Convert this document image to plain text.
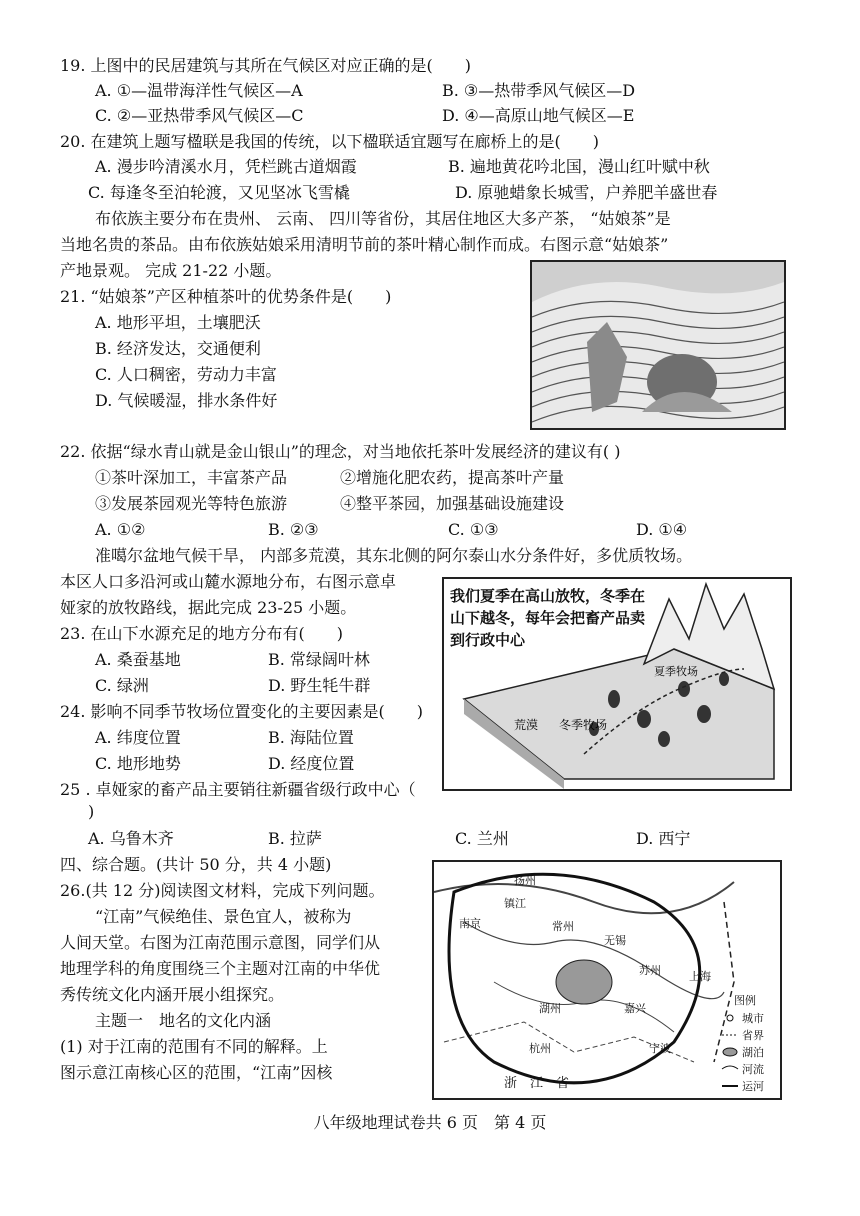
19. 上图中的民居建筑与其所在气候区对应正确的是(　　)
A. ①—温带海洋性气候区—A	B. ③—热带季风气候区—D
C. ②—亚热带季风气候区—C	D. ④—高原山地气候区—E
20. 在建筑上题写楹联是我国的传统，以下楹联适宜题写在廊桥上的是(　　)
A. 漫步吟清溪水月，凭栏跳古道烟霞	B. 遍地黄花吟北国，漫山红叶赋中秋
C. 每逢冬至泊轮渡，又见坚冰飞雪橇	D. 原驰蜡象长城雪，户养肥羊盛世春
布依族主要分布在贵州、 云南、 四川等省份，其居住地区大多产茶， “姑娘茶”是
当地名贵的茶品。由布依族姑娘采用清明节前的茶叶精心制作而成。右图示意“姑娘茶”
产地景观。 完成 21-22 小题。
21. “姑娘茶”产区种植茶叶的优势条件是(　　)
A. 地形平坦，土壤肥沃
B. 经济发达，交通便利
C. 人口稠密，劳动力丰富
D. 气候暖湿，排水条件好
22. 依据“绿水青山就是金山银山”的理念，对当地依托茶叶发展经济的建议有( )
①茶叶深加工，丰富茶产品	②增施化肥农药，提高茶叶产量
③发展茶园观光等特色旅游	④整平茶园，加强基础设施建设
A. ①②	B. ②③	C. ①③	D. ①④
准噶尔盆地气候干旱， 内部多荒漠，其东北侧的阿尔泰山水分条件好，多优质牧场。
本区人口多沿河或山麓水源地分布，右图示意卓
娅家的放牧路线，据此完成 23-25 小题。
荒漠 冬季牧场
夏季牧场
我们夏季在高山放牧，冬季在山下越冬，每年会把畜产品卖到行政中心
23. 在山下水源充足的地方分布有(　　)
A. 桑蚕基地	B. 常绿阔叶林
C. 绿洲	D. 野生牦牛群
24. 影响不同季节牧场位置变化的主要因素是(　　)
A. 纬度位置	B. 海陆位置
C. 地形地势	D. 经度位置
25 . 卓娅家的畜产品主要销往新疆省级行政中心（
)
A. 乌鲁木齐	B. 拉萨	C. 兰州	D. 西宁
四、综合题。(共计 50 分，共 4 小题)
26.(共 12 分)阅读图文材料，完成下列问题。
“江南”气候绝佳、景色宜人，被称为
人间天堂。右图为江南范围示意图，同学们从
地理学科的角度围绕三个主题对江南的中华优
秀传统文化内涵开展小组探究。
主题一　地名的文化内涵
(1) 对于江南的范围有不同的解释。上
图示意江南核心区的范围，“江南”因核
扬州
镇江
南京	常州
无锡
苏州	上海
湖州	嘉兴
杭州	宁波
浙　江　省
图例
城市
省界
湖泊
河流
运河
八年级地理试卷共 6 页　第 4 页
